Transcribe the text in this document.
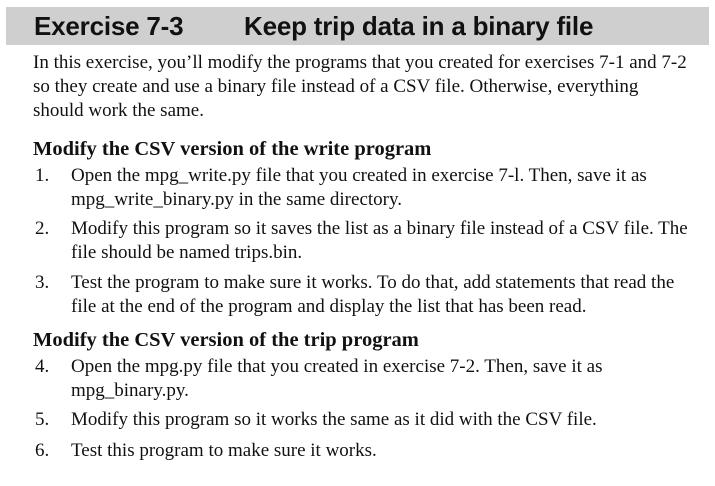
Exercise 7-3 Keep trip data in a binary file

In this exercise, you’ll modify the programs that you created for exercises 7-1 and 7-2 so they create and use a binary file instead of a CSV file. Otherwise, everything should work the same.

Modify the CSV version of the write program
1. Open the mpg_write.py file that you created in exercise 7-l. Then, save it as mpg_write_binary.py in the same directory.
2. Modify this program so it saves the list as a binary file instead of a CSV file. The file should be named trips.bin.
3. Test the program to make sure it works. To do that, add statements that read the file at the end of the program and display the list that has been read.
Modify the CSV version of the trip program
4. Open the mpg.py file that you created in exercise 7-2. Then, save it as mpg_binary.py.
5. Modify this program so it works the same as it did with the CSV file.
6. Test this program to make sure it works.
